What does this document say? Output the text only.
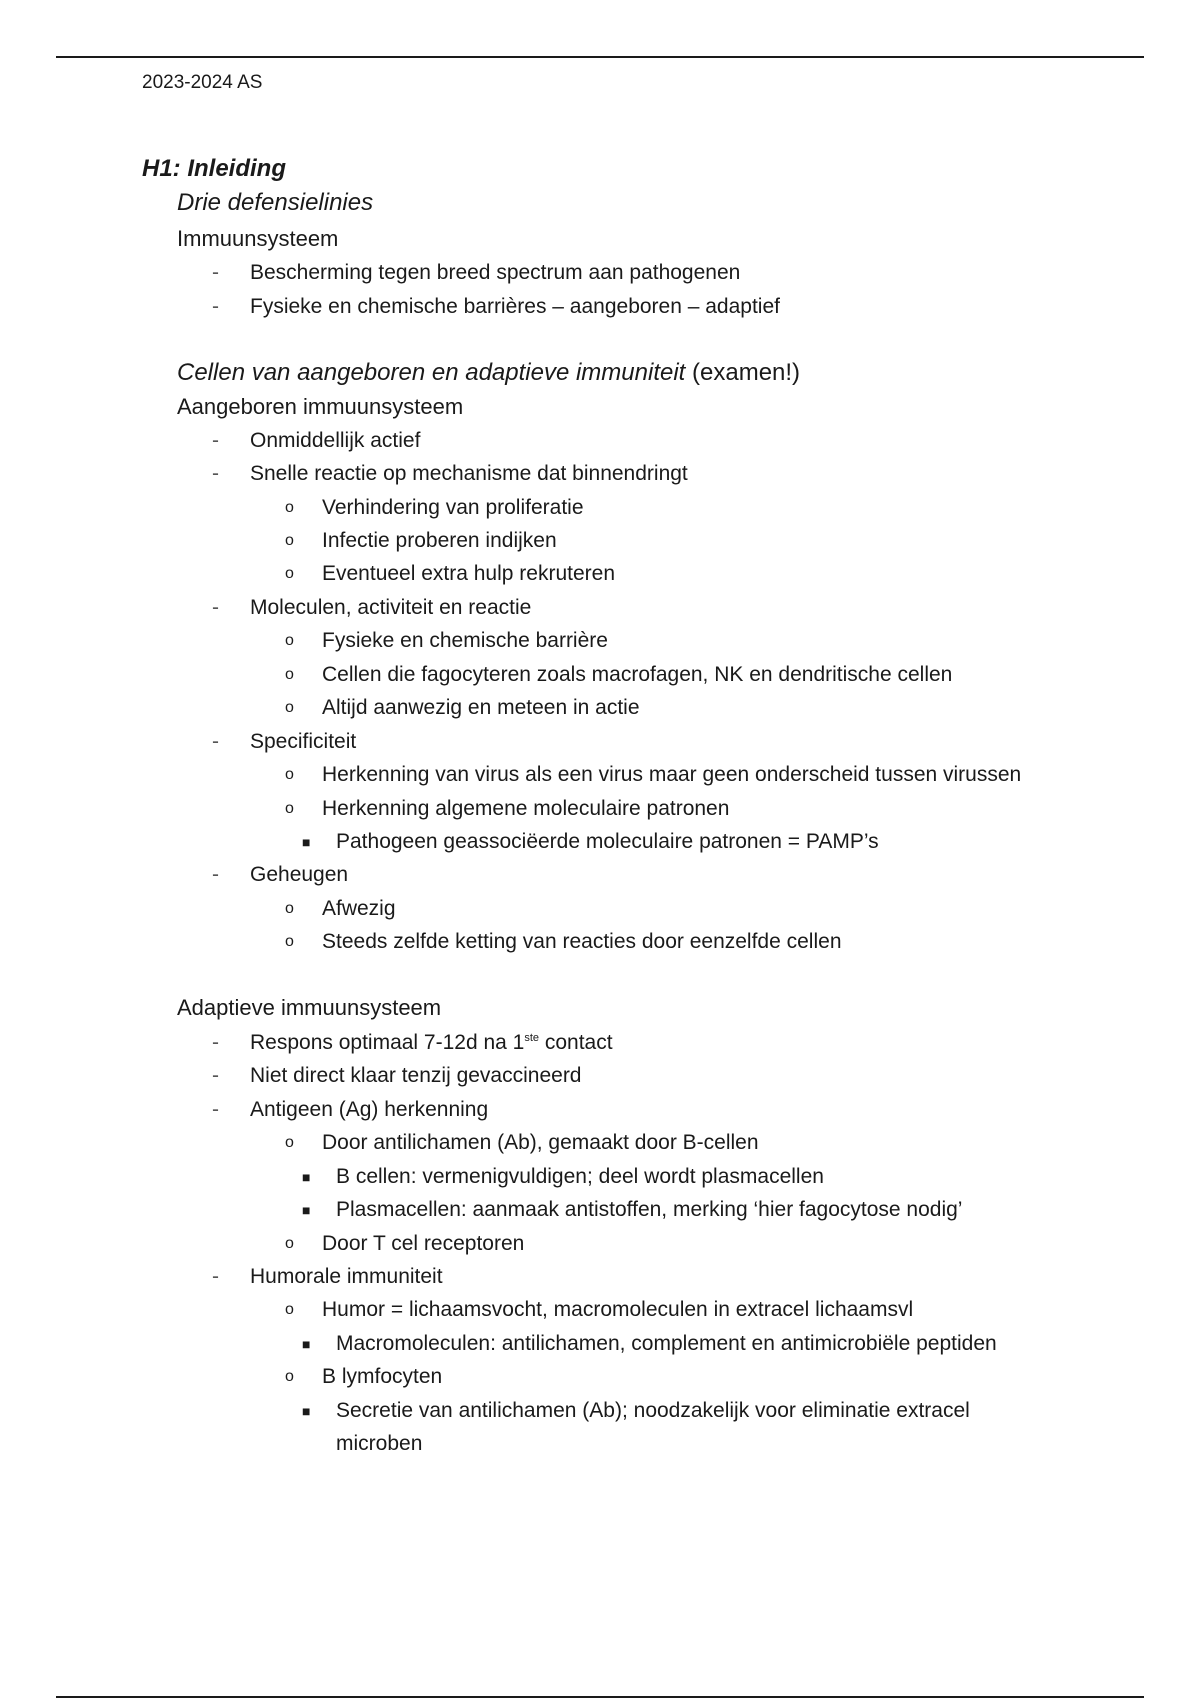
2023-2024 AS
H1: Inleiding
Drie defensielinies
Immuunsysteem
- Bescherming tegen breed spectrum aan pathogenen
- Fysieke en chemische barrières – aangeboren – adaptief
Cellen van aangeboren en adaptieve immuniteit (examen!)
Aangeboren immuunsysteem
- Onmiddellijk actief
- Snelle reactie op mechanisme dat binnendringt
o Verhindering van proliferatie
o Infectie proberen indijken
o Eventueel extra hulp rekruteren
- Moleculen, activiteit en reactie
o Fysieke en chemische barrière
o Cellen die fagocyteren zoals macrofagen, NK en dendritische cellen
o Altijd aanwezig en meteen in actie
- Specificiteit
o Herkenning van virus als een virus maar geen onderscheid tussen virussen
o Herkenning algemene moleculaire patronen
■ Pathogeen geassociëerde moleculaire patronen = PAMP’s
- Geheugen
o Afwezig
o Steeds zelfde ketting van reacties door eenzelfde cellen
Adaptieve immuunsysteem
- Respons optimaal 7-12d na 1ste contact
- Niet direct klaar tenzij gevaccineerd
- Antigeen (Ag) herkenning
o Door antilichamen (Ab), gemaakt door B-cellen
■ B cellen: vermenigvuldigen; deel wordt plasmacellen
■ Plasmacellen: aanmaak antistoffen, merking ‘hier fagocytose nodig’
o Door T cel receptoren
- Humorale immuniteit
o Humor = lichaamsvocht, macromoleculen in extracel lichaamsvl
■ Macromoleculen: antilichamen, complement en antimicrobiële peptiden
o B lymfocyten
■ Secretie van antilichamen (Ab); noodzakelijk voor eliminatie extracel
microben
